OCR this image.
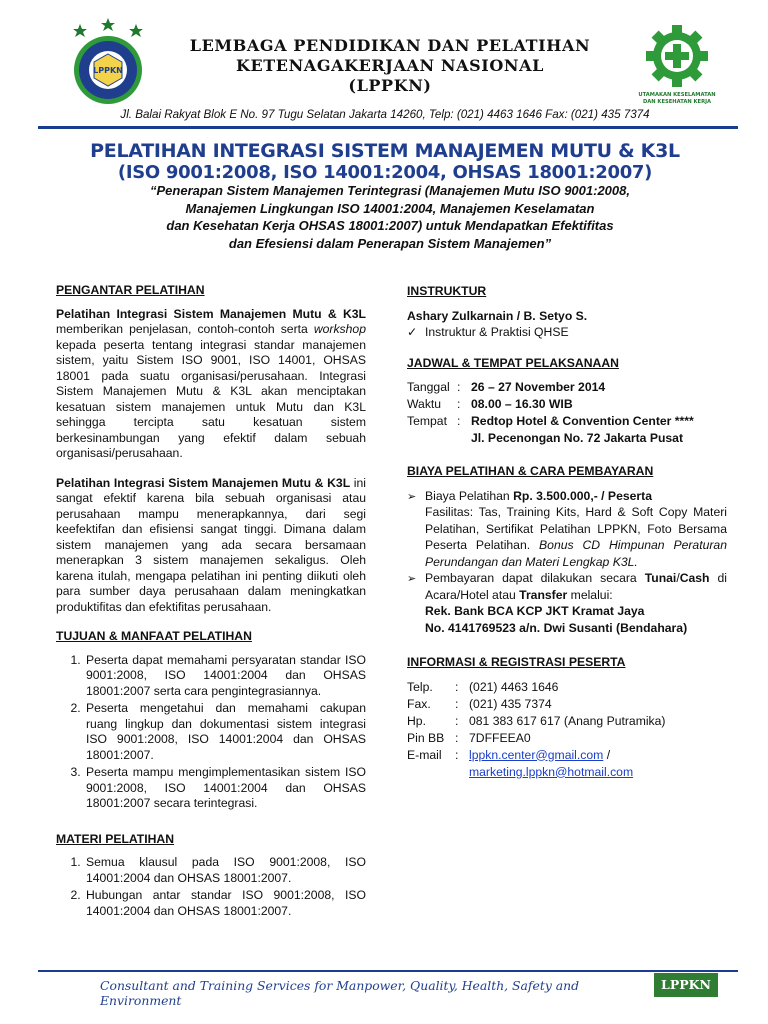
LPPKN
LEMBAGA PENDIDIKAN DAN PELATIHAN
KETENAGAKERJAAN NASIONAL
(LPPKN)	UTAMAKAN KESELAMATAN
DAN KESEHATAN KERJA
Jl. Balai Rakyat Blok E No. 97 Tugu Selatan Jakarta 14260, Telp: (021) 4463 1646 Fax: (021) 435 7374
PELATIHAN INTEGRASI SISTEM MANAJEMEN MUTU & K3L
(ISO 9001:2008, ISO 14001:2004, OHSAS 18001:2007)
“Penerapan Sistem Manajemen Terintegrasi (Manajemen Mutu ISO 9001:2008,
Manajemen Lingkungan ISO 14001:2004, Manajemen Keselamatan
dan Kesehatan Kerja OHSAS 18001:2007) untuk Mendapatkan Efektifitas
dan Efesiensi dalam Penerapan Sistem Manajemen”
PENGANTAR PELATIHAN

Pelatihan Integrasi Sistem Manajemen Mutu & K3L memberikan penjelasan, contoh-contoh serta workshop kepada peserta tentang integrasi standar manajemen sistem, yaitu Sistem ISO 9001, ISO 14001, OHSAS 18001 pada suatu organisasi/perusahaan. Integrasi Sistem Manajemen Mutu & K3L akan menciptakan kesatuan sistem manajemen untuk Mutu dan K3L sehingga tercipta satu kesatuan sistem berkesinambungan yang efektif dalam sebuah organisasi/perusahaan.

Pelatihan Integrasi Sistem Manajemen Mutu & K3L ini sangat efektif karena bila sebuah organisasi atau perusahaan mampu menerapkannya, dari segi keefektifan dan efisiensi sangat tinggi. Dimana dalam sistem manajemen yang ada secara bersamaan menerapkan 3 sistem manajemen sekaligus. Oleh karena itulah, mengapa pelatihan ini penting diikuti oleh para sumber daya perusahaan dalam meningkatkan produktifitas dan efektifitas perusahaan.

TUJUAN & MANFAAT PELATIHAN
1. Peserta dapat memahami persyaratan standar ISO 9001:2008, ISO 14001:2004 dan OHSAS 18001:2007 serta cara pengintegrasiannya.
2. Peserta mengetahui dan memahami cakupan ruang lingkup dan dokumentasi sistem integrasi ISO 9001:2008, ISO 14001:2004 dan OHSAS 18001:2007.
3. Peserta mampu mengimplementasikan sistem ISO 9001:2008, ISO 14001:2004 dan OHSAS 18001:2007 secara terintegrasi.
MATERI PELATIHAN
1. Semua klausul pada ISO 9001:2008, ISO 14001:2004 dan OHSAS 18001:2007.
2. Hubungan antar standar ISO 9001:2008, ISO 14001:2004 dan OHSAS 18001:2007.
INSTRUKTUR
Ashary Zulkarnain / B. Setyo S.
✓ Instruktur & Praktisi QHSE
JADWAL & TEMPAT PELAKSANAAN
Tanggal	:	26 – 27 November 2014
Waktu	:	08.00 – 16.30 WIB
Tempat	:	Redtop Hotel & Convention Center ****
Jl. Pecenongan No. 72 Jakarta Pusat
BIAYA PELATIHAN & CARA PEMBAYARAN
➢ Biaya Pelatihan Rp. 3.500.000,- / Peserta
Fasilitas: Tas, Training Kits, Hard & Soft Copy Materi Pelatihan, Sertifikat Pelatihan LPPKN, Foto Bersama Peserta Pelatihan. Bonus CD Himpunan Peraturan Perundangan dan Materi Lengkap K3L.
➢ Pembayaran dapat dilakukan secara Tunai/Cash di Acara/Hotel atau Transfer melalui:
Rek. Bank BCA KCP JKT Kramat Jaya
No. 4141769523 a/n. Dwi Susanti (Bendahara)
INFORMASI & REGISTRASI PESERTA
Telp.	:	(021) 4463 1646
Fax.	:	(021) 435 7374
Hp.	:	081 383 617 617 (Anang Putramika)
Pin BB	:	7DFFEEA0
E-mail	:	lppkn.center@gmail.com /
marketing.lppkn@hotmail.com
Consultant and Training Services for Manpower, Quality, Health, Safety and Environment
LPPKN
